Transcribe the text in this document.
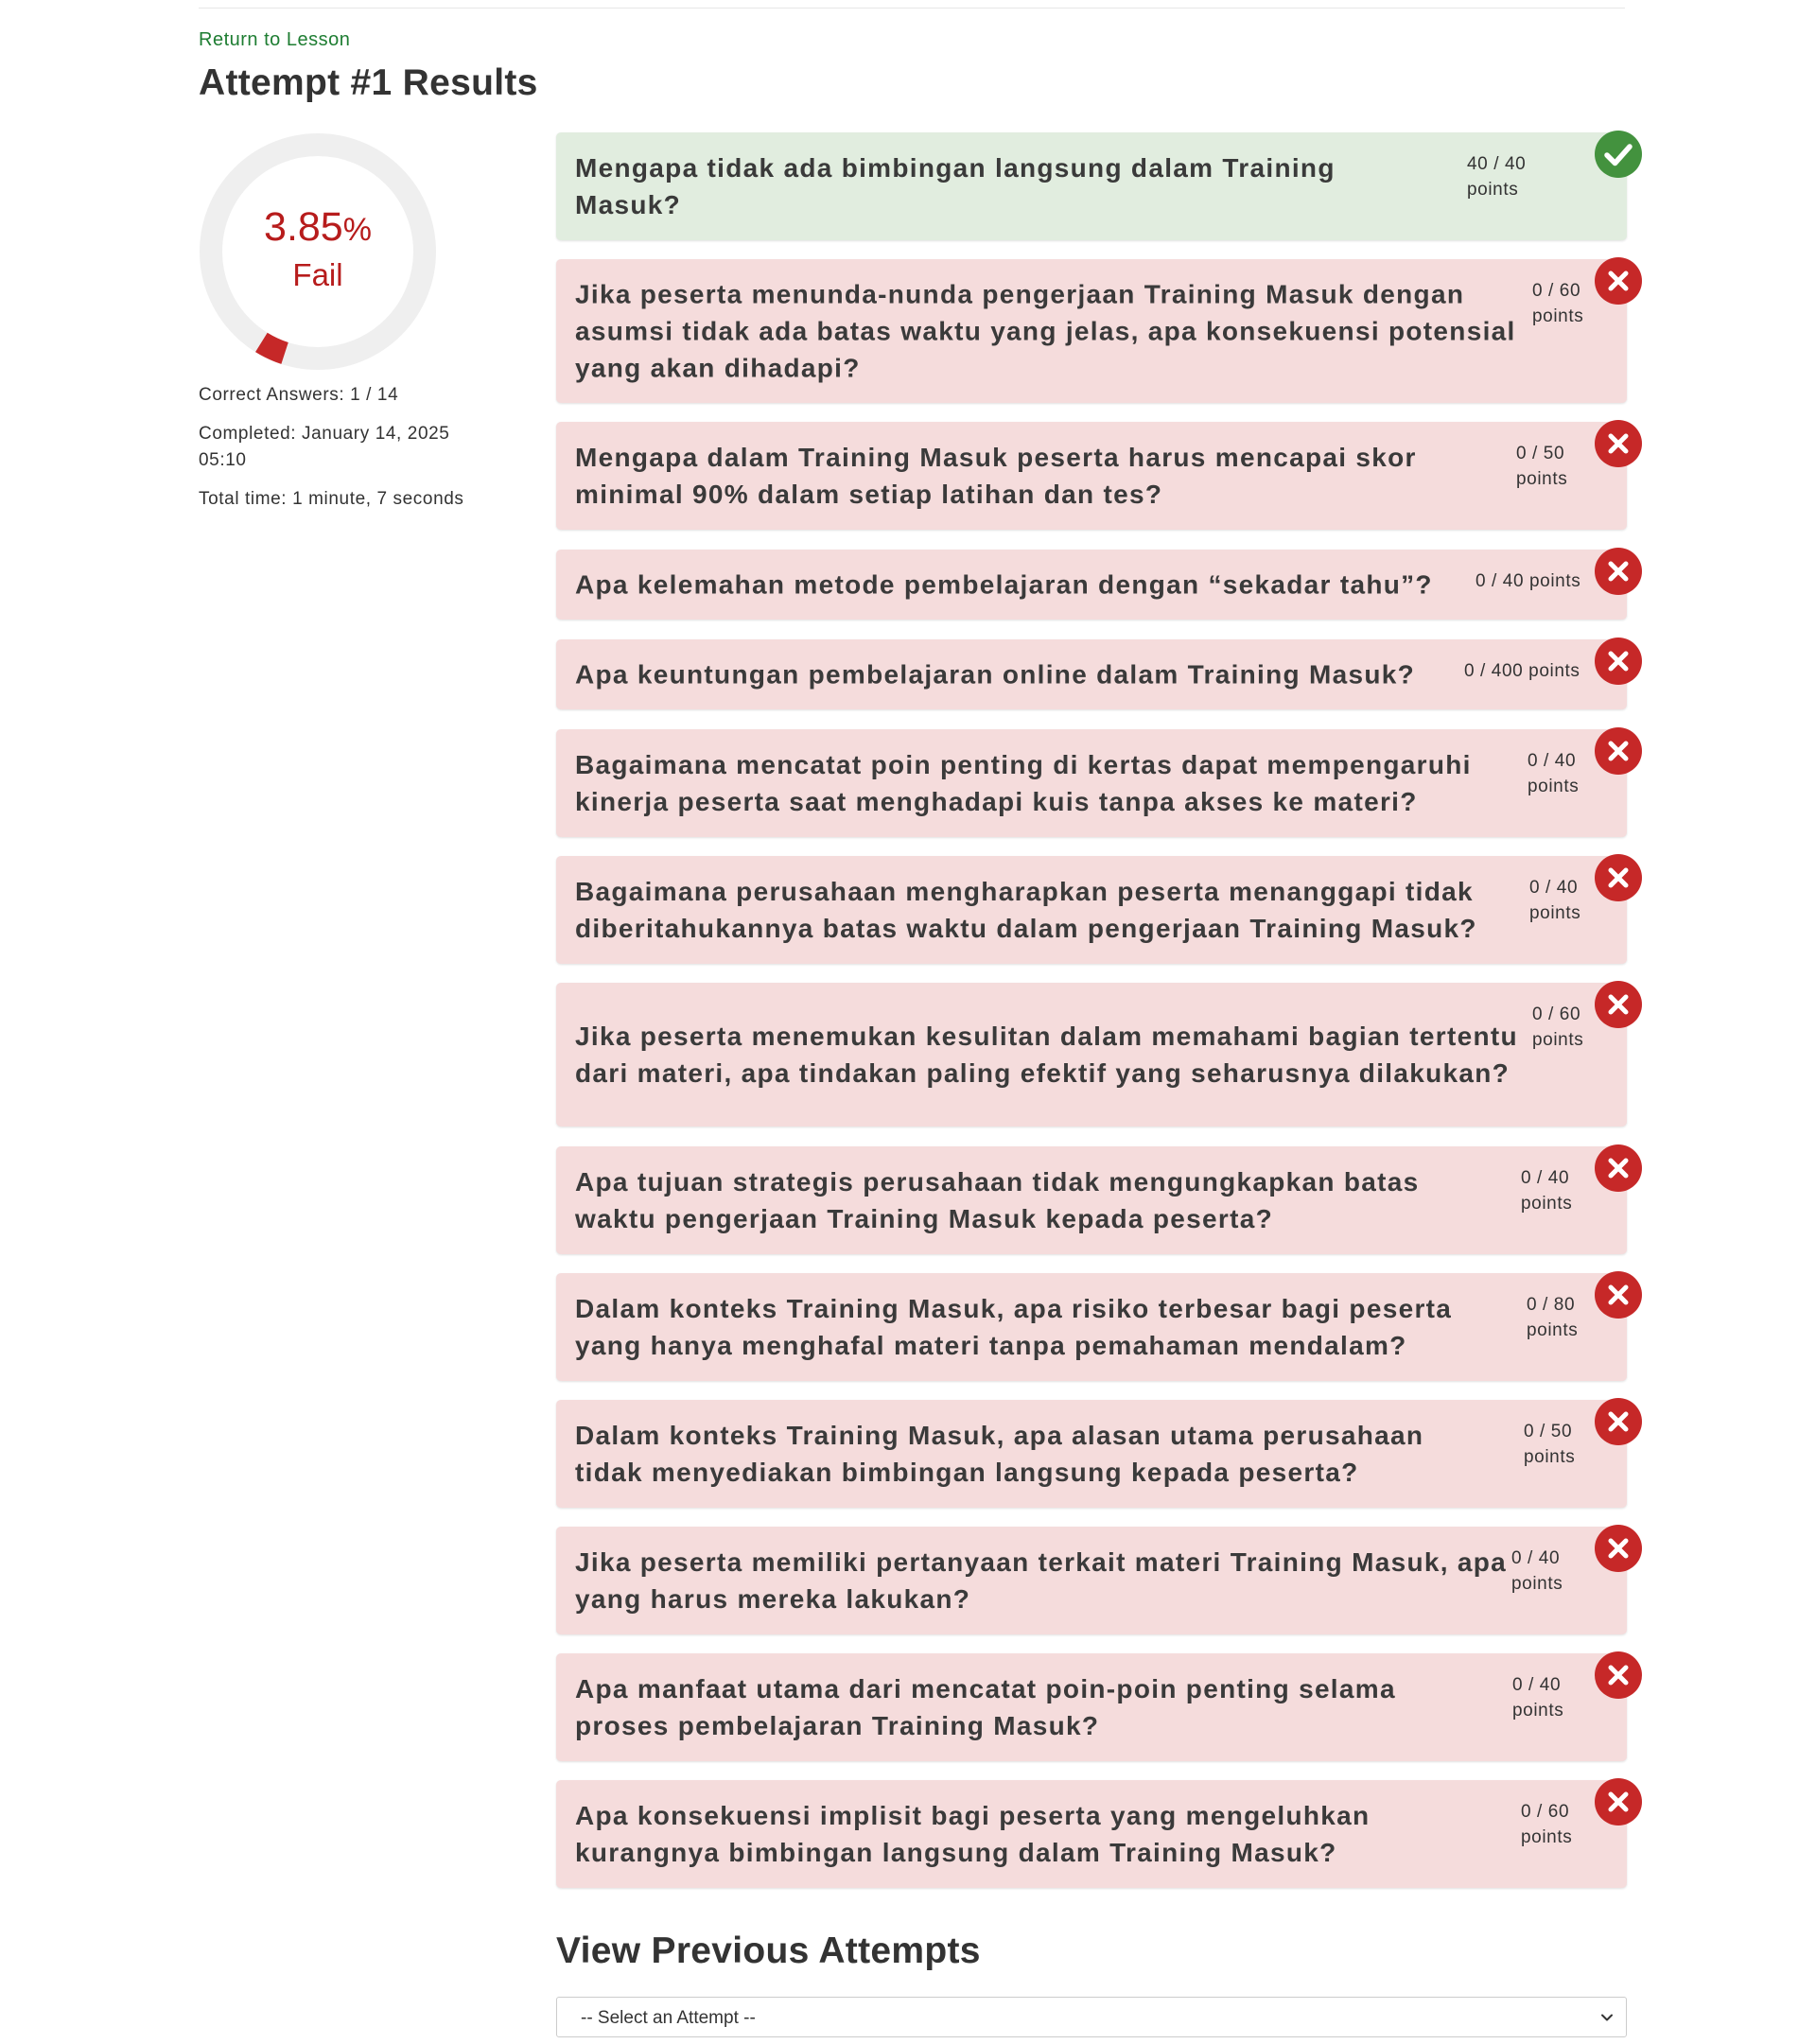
Return to Lesson
Attempt #1 Results
3.85%
Fail

Correct Answers: 1 / 14

Completed: January 14, 2025 05:10

Total time: 1 minute, 7 seconds

Mengapa tidak ada bimbingan langsung dalam Training Masuk?
40 / 40 points
Jika peserta menunda-nunda pengerjaan Training Masuk dengan asumsi tidak ada batas waktu yang jelas, apa konsekuensi potensial yang akan dihadapi?
0 / 60 points
Mengapa dalam Training Masuk peserta harus mencapai skor minimal 90% dalam setiap latihan dan tes?
0 / 50 points
Apa kelemahan metode pembelajaran dengan “sekadar tahu”?	0 / 40 points
Apa keuntungan pembelajaran online dalam Training Masuk?	0 / 400 points
Bagaimana mencatat poin penting di kertas dapat mempengaruhi kinerja peserta saat menghadapi kuis tanpa akses ke materi?
0 / 40 points
Bagaimana perusahaan mengharapkan peserta menanggapi tidak diberitahukannya batas waktu dalam pengerjaan Training Masuk?
0 / 40 points
Jika peserta menemukan kesulitan dalam memahami bagian tertentu dari materi, apa tindakan paling efektif yang seharusnya dilakukan?
0 / 60 points
Apa tujuan strategis perusahaan tidak mengungkapkan batas waktu pengerjaan Training Masuk kepada peserta?
0 / 40 points
Dalam konteks Training Masuk, apa risiko terbesar bagi peserta yang hanya menghafal materi tanpa pemahaman mendalam?
0 / 80 points
Dalam konteks Training Masuk, apa alasan utama perusahaan tidak menyediakan bimbingan langsung kepada peserta?
0 / 50 points
Jika peserta memiliki pertanyaan terkait materi Training Masuk, apa yang harus mereka lakukan?
0 / 40 points
Apa manfaat utama dari mencatat poin-poin penting selama proses pembelajaran Training Masuk?
0 / 40 points
Apa konsekuensi implisit bagi peserta yang mengeluhkan kurangnya bimbingan langsung dalam Training Masuk?
0 / 60 points
View Previous Attempts
-- Select an Attempt --
